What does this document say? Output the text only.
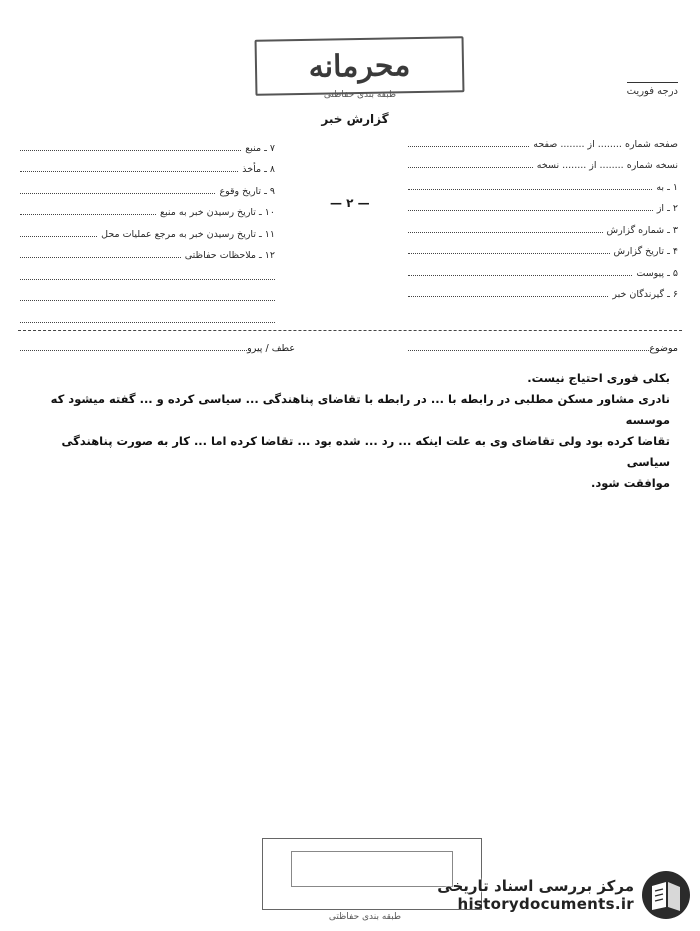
محرمانه
طبقه بندی حفاظتی	درجه فوریت
گزارش خبر
صفحه شماره ........ از ........ صفحه
نسخه شماره ........ از ........ نسخه
۱ ـ به
۲ ـ از
۳ ـ شماره گزارش
۴ ـ تاریخ گزارش
۵ ـ پیوست
۶ ـ گیرندگان خبر
۷ ـ منبع
۸ ـ مأخذ
۹ ـ تاریخ وقوع
۱۰ ـ تاریخ رسیدن خبر به منبع
۱۱ ـ تاریخ رسیدن خبر به مرجع عملیات محل
۱۲ ـ ملاحظات حفاظتی
— ۲ —
موضوع
عطف / پیرو

بکلی فوری احتیاج نیست.

نادری مشاور مسکن مطلبی در رابطه با ... در رابطه با تقاضای پناهندگی ... سیاسی کرده و ... گفته میشود که موسسه

تقاضا کرده بود ولی تقاضای وی به علت اینکه ... رد ... شده بود ... تقاضا کرده اما ... کار به صورت پناهندگی سیاسی

موافقت شود.

طبقه بندی حفاظتی
مرکز بررسی اسناد تاریخی
historydocuments.ir
